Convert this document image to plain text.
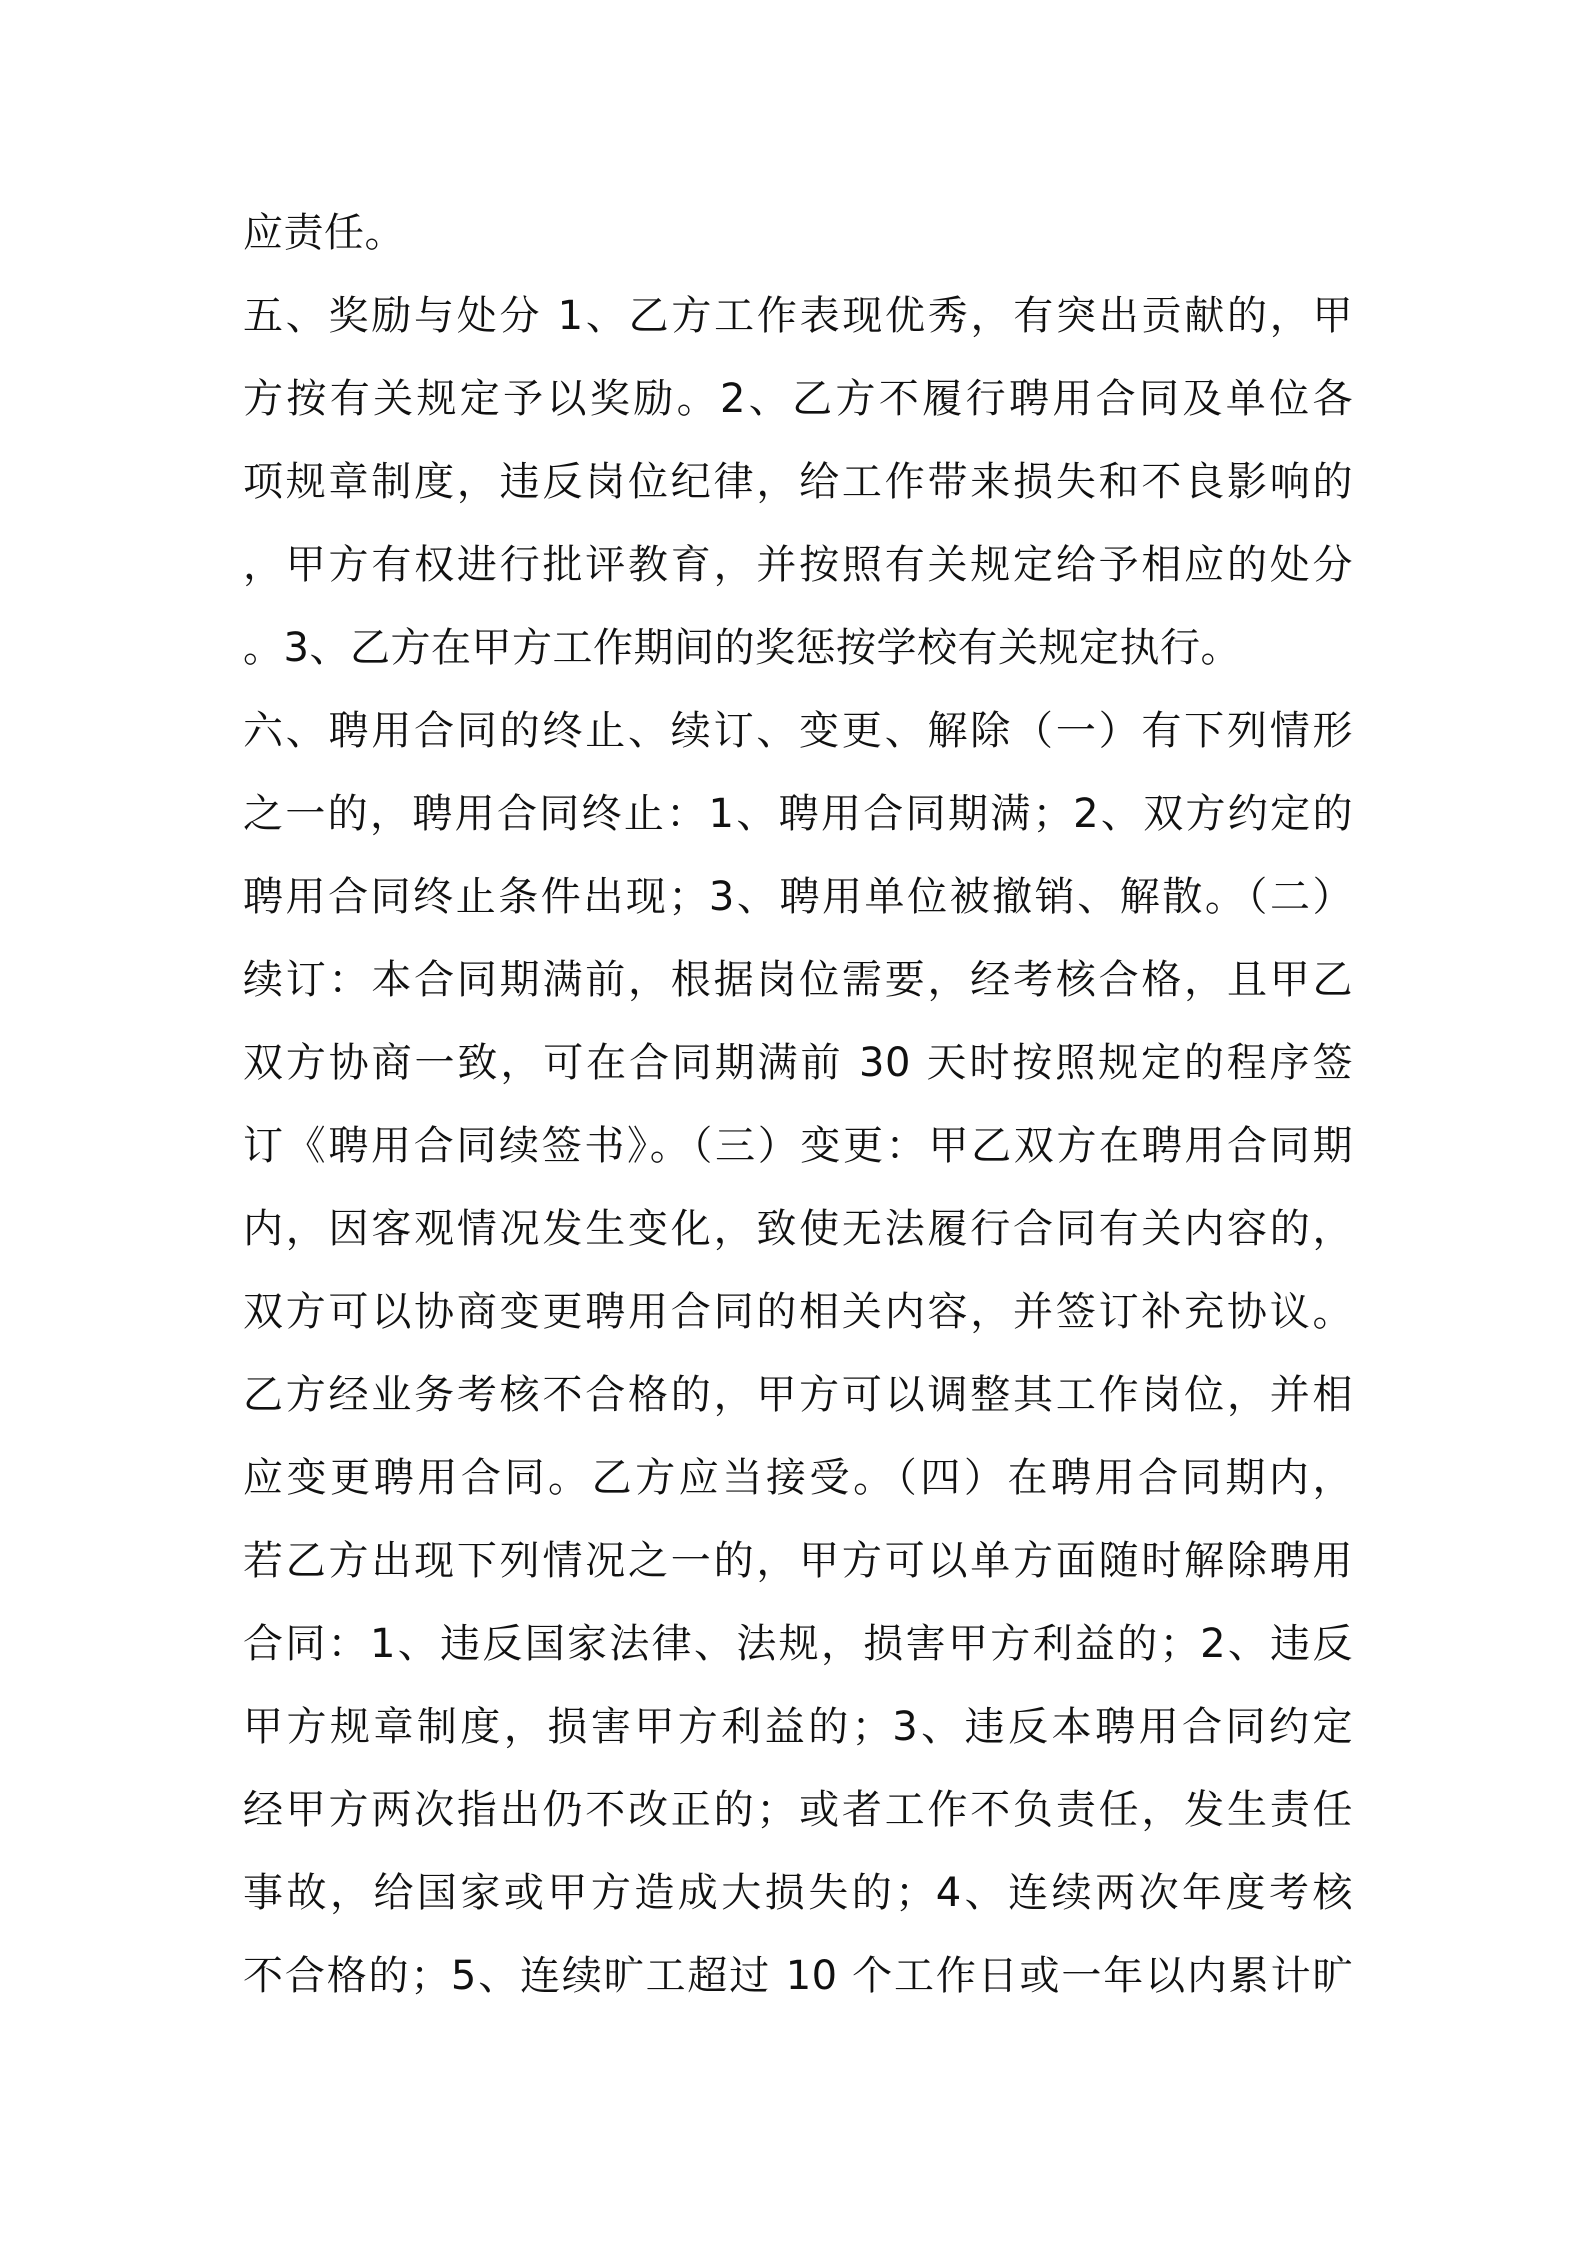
应责任。
五、奖励与处分 1、乙方工作表现优秀，有突出贡献的，甲
方按有关规定予以奖励。2、乙方不履行聘用合同及单位各
项规章制度，违反岗位纪律，给工作带来损失和不良影响的
，甲方有权进行批评教育，并按照有关规定给予相应的处分
。3、乙方在甲方工作期间的奖惩按学校有关规定执行。
六、聘用合同的终止、续订、变更、解除（一）有下列情形
之一的，聘用合同终止：1、聘用合同期满；2、双方约定的
聘用合同终止条件出现；3、聘用单位被撤销、解散。（二）
续订：本合同期满前，根据岗位需要，经考核合格，且甲乙
双方协商一致，可在合同期满前 30 天时按照规定的程序签
订《聘用合同续签书》。（三）变更：甲乙双方在聘用合同期
内，因客观情况发生变化，致使无法履行合同有关内容的，
双方可以协商变更聘用合同的相关内容，并签订补充协议。
乙方经业务考核不合格的，甲方可以调整其工作岗位，并相
应变更聘用合同。乙方应当接受。（四）在聘用合同期内，
若乙方出现下列情况之一的，甲方可以单方面随时解除聘用
合同：1、违反国家法律、法规，损害甲方利益的；2、违反
甲方规章制度，损害甲方利益的；3、违反本聘用合同约定
经甲方两次指出仍不改正的；或者工作不负责任，发生责任
事故，给国家或甲方造成大损失的；4、连续两次年度考核
不合格的；5、连续旷工超过 10 个工作日或一年以内累计旷
